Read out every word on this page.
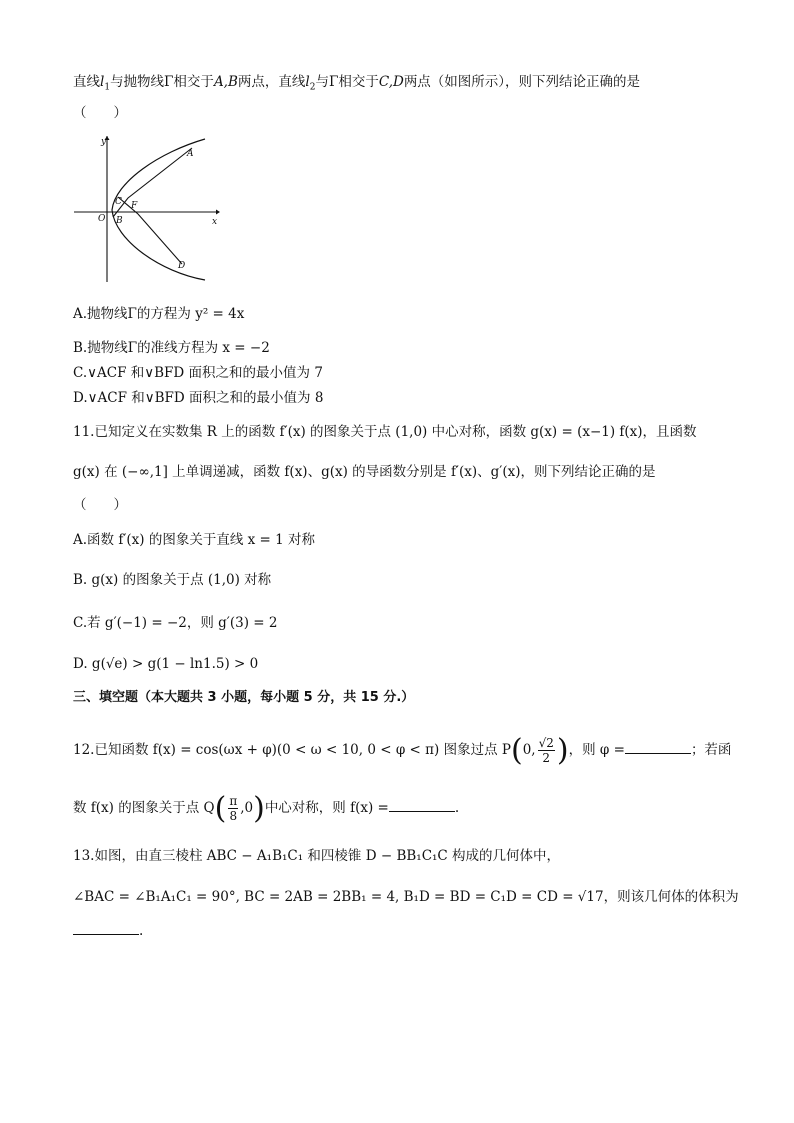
直线$l_1$与抛物线Γ相交于A,B两点，直线$l_2$与Γ相交于C,D两点（如图所示），则下列结论正确的是
（　　）
y
x
O
A
C F
B
D
A.抛物线Γ的方程为 y² = 4x
B.抛物线Γ的准线方程为 x = −2
C.∨ACF 和∨BFD 面积之和的最小值为 7
D.∨ACF 和∨BFD 面积之和的最小值为 8
11.已知定义在实数集 R 上的函数 f′(x) 的图象关于点 (1,0) 中心对称，函数 g(x) = (x−1) f(x)，且函数
g(x) 在 (−∞,1] 上单调递减，函数 f(x)、g(x) 的导函数分别是 f′(x)、g′(x)，则下列结论正确的是
（　　）
A.函数 f′(x) 的图象关于直线 x = 1 对称
B. g(x) 的图象关于点 (1,0) 对称
C.若 g′(−1) = −2，则 g′(3) = 2
D. g(√e) > g(1 − ln1.5) > 0
三、填空题（本大题共 3 小题，每小题 5 分，共 15 分.）
12.已知函数 f(x) = cos(ωx + φ)(0 < ω < 10, 0 < φ < π) 图象过点 P(0, $\frac{√2}{2}$ )，则 φ =	；若函
数 f(x) 的图象关于点 $Q( \frac{\pi}{8} ,0)$中心对称，则 f(x) =	.
13.如图，由直三棱柱 ABC − A₁B₁C₁ 和四棱锥 D − BB₁C₁C 构成的几何体中，
∠BAC = ∠B₁A₁C₁ = 90°, BC = 2AB = 2BB₁ = 4, B₁D = BD = C₁D = CD = √17，则该几何体的体积为
.
